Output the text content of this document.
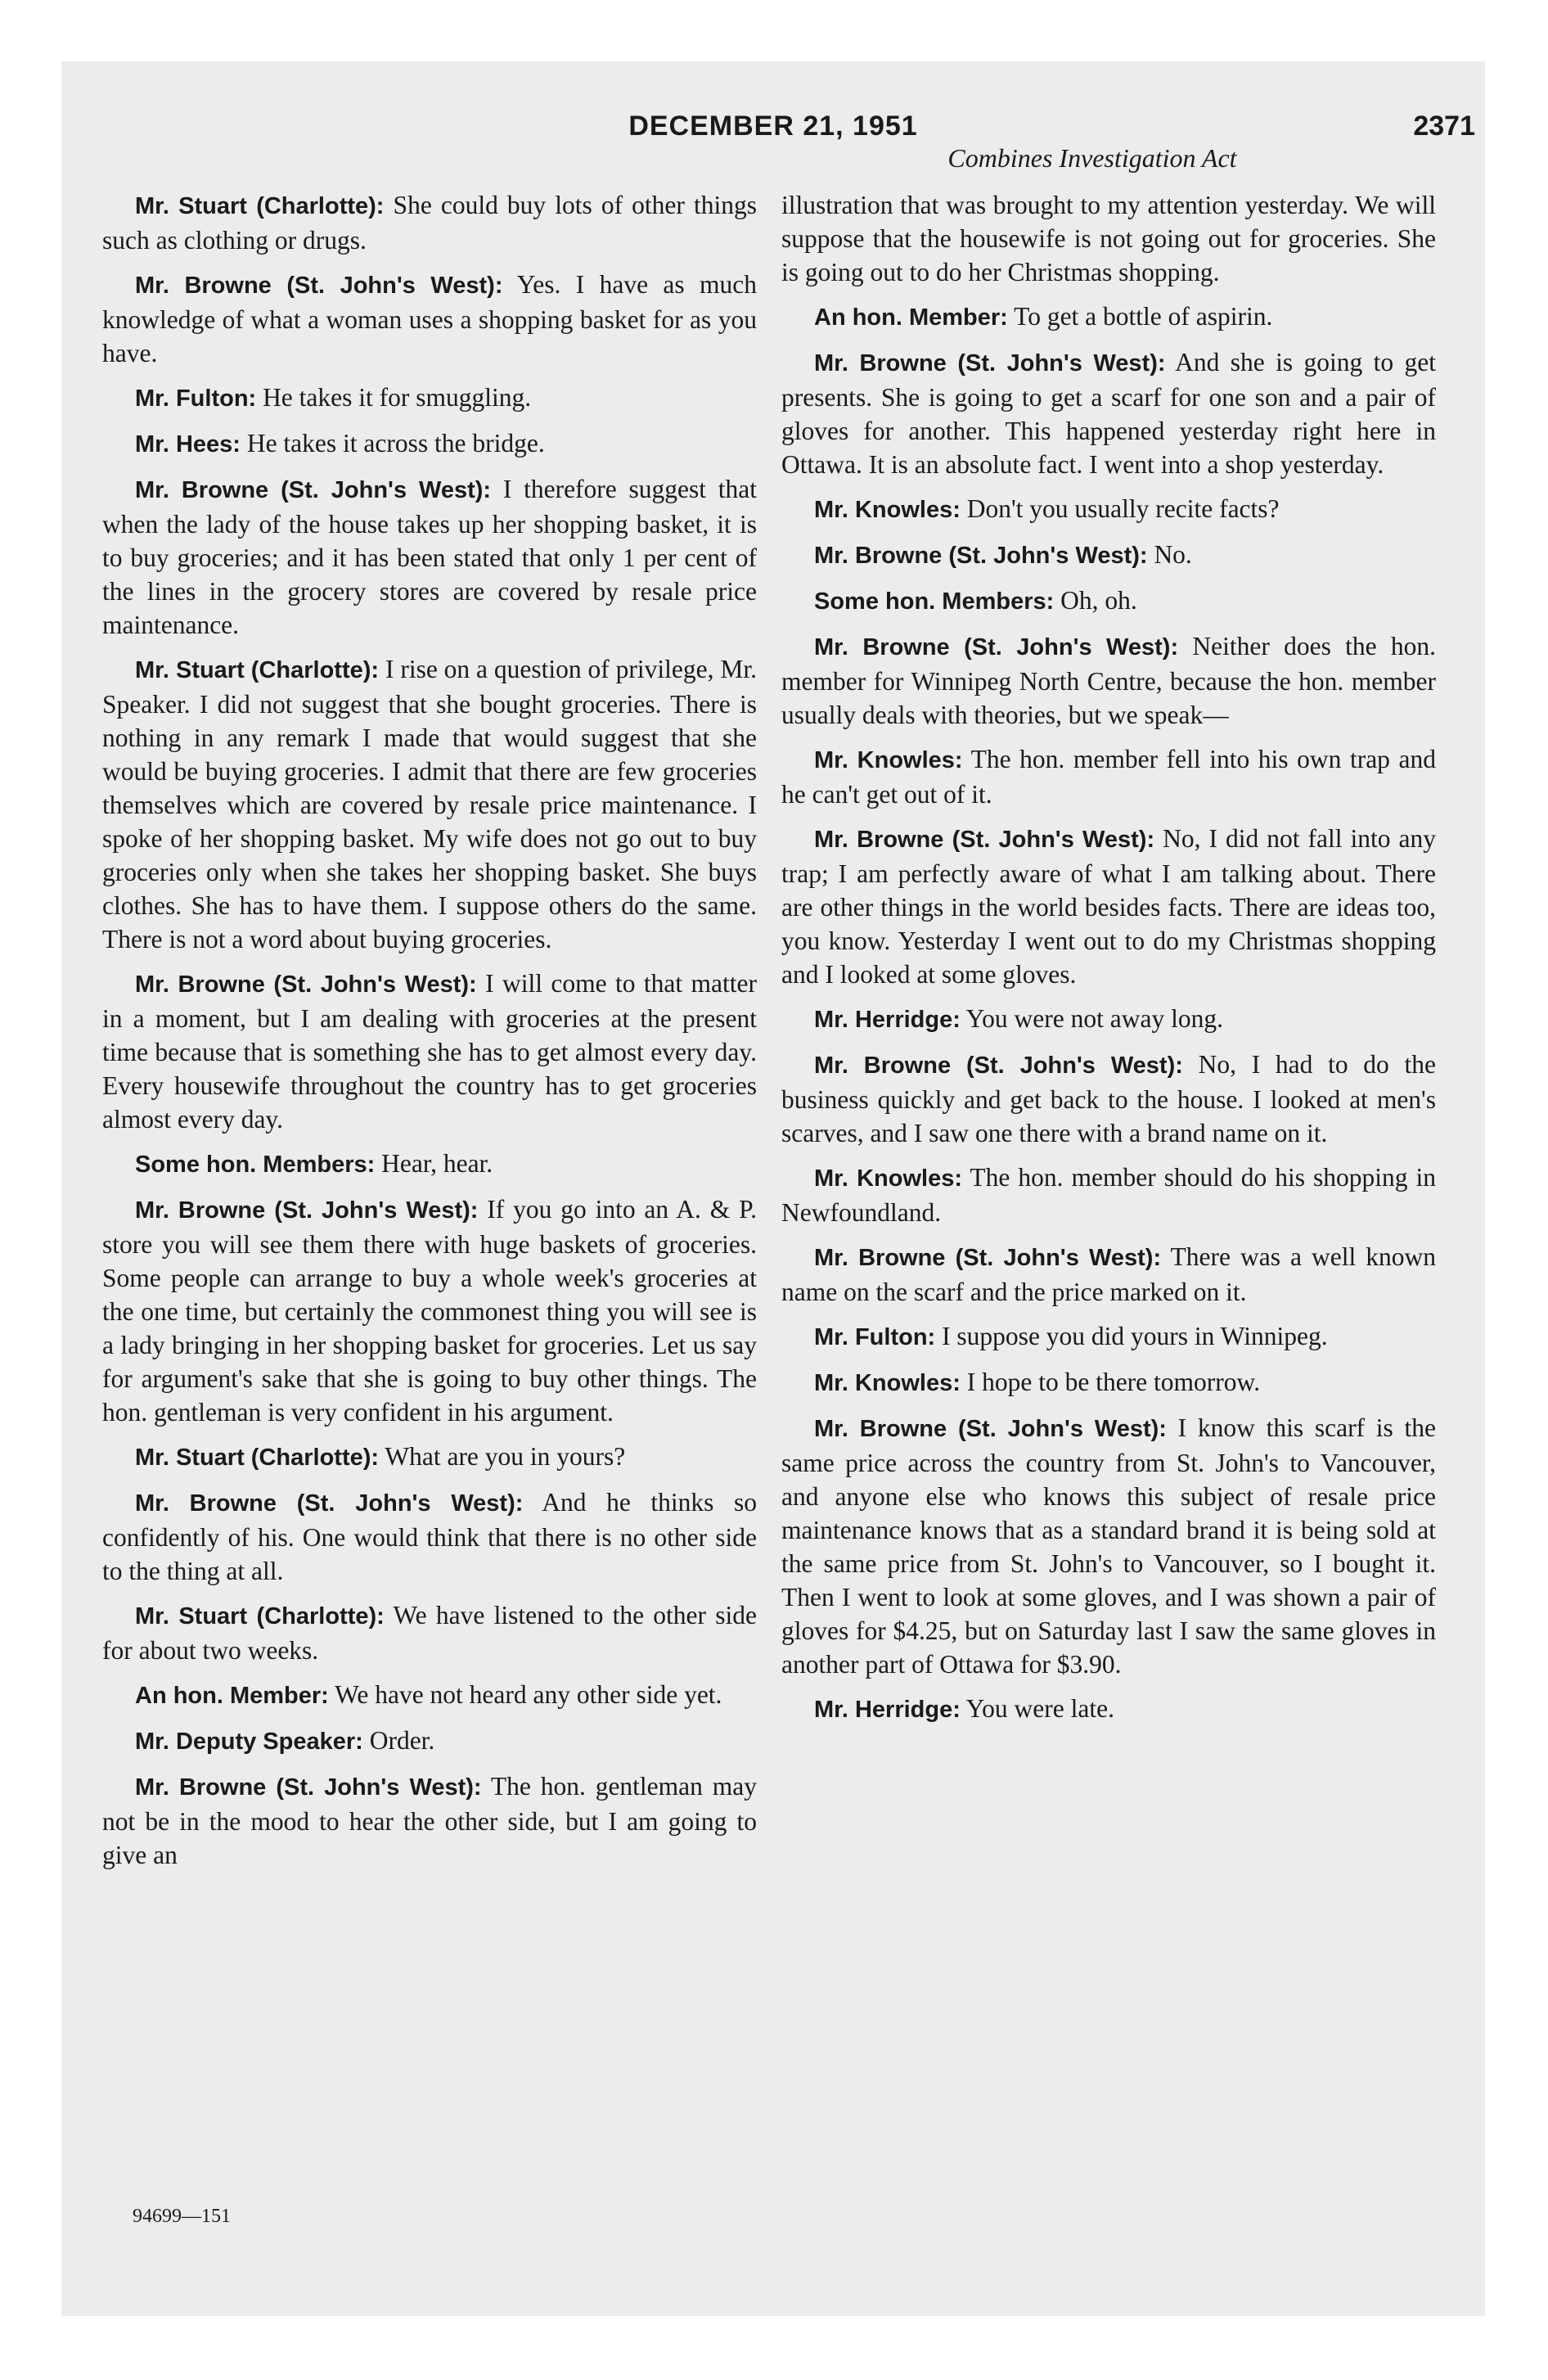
DECEMBER 21, 1951	2371
Combines Investigation Act

Mr. Stuart (Charlotte): She could buy lots of other things such as clothing or drugs.

Mr. Browne (St. John's West): Yes. I have as much knowledge of what a woman uses a shopping basket for as you have.

Mr. Fulton: He takes it for smuggling.

Mr. Hees: He takes it across the bridge.

Mr. Browne (St. John's West): I therefore suggest that when the lady of the house takes up her shopping basket, it is to buy groceries; and it has been stated that only 1 per cent of the lines in the grocery stores are covered by resale price maintenance.

Mr. Stuart (Charlotte): I rise on a question of privilege, Mr. Speaker. I did not suggest that she bought groceries. There is nothing in any remark I made that would suggest that she would be buying groceries. I admit that there are few groceries themselves which are covered by resale price maintenance. I spoke of her shopping basket. My wife does not go out to buy groceries only when she takes her shopping basket. She buys clothes. She has to have them. I suppose others do the same. There is not a word about buying groceries.

Mr. Browne (St. John's West): I will come to that matter in a moment, but I am dealing with groceries at the present time because that is something she has to get almost every day. Every housewife throughout the country has to get groceries almost every day.

Some hon. Members: Hear, hear.

Mr. Browne (St. John's West): If you go into an A. & P. store you will see them there with huge baskets of groceries. Some people can arrange to buy a whole week's groceries at the one time, but certainly the commonest thing you will see is a lady bringing in her shopping basket for groceries. Let us say for argument's sake that she is going to buy other things. The hon. gentleman is very confident in his argument.

Mr. Stuart (Charlotte): What are you in yours?

Mr. Browne (St. John's West): And he thinks so confidently of his. One would think that there is no other side to the thing at all.

Mr. Stuart (Charlotte): We have listened to the other side for about two weeks.

An hon. Member: We have not heard any other side yet.

Mr. Deputy Speaker: Order.

Mr. Browne (St. John's West): The hon. gentleman may not be in the mood to hear the other side, but I am going to give an

illustration that was brought to my attention yesterday. We will suppose that the housewife is not going out for groceries. She is going out to do her Christmas shopping.

An hon. Member: To get a bottle of aspirin.

Mr. Browne (St. John's West): And she is going to get presents. She is going to get a scarf for one son and a pair of gloves for another. This happened yesterday right here in Ottawa. It is an absolute fact. I went into a shop yesterday.

Mr. Knowles: Don't you usually recite facts?

Mr. Browne (St. John's West): No.

Some hon. Members: Oh, oh.

Mr. Browne (St. John's West): Neither does the hon. member for Winnipeg North Centre, because the hon. member usually deals with theories, but we speak—

Mr. Knowles: The hon. member fell into his own trap and he can't get out of it.

Mr. Browne (St. John's West): No, I did not fall into any trap; I am perfectly aware of what I am talking about. There are other things in the world besides facts. There are ideas too, you know. Yesterday I went out to do my Christmas shopping and I looked at some gloves.

Mr. Herridge: You were not away long.

Mr. Browne (St. John's West): No, I had to do the business quickly and get back to the house. I looked at men's scarves, and I saw one there with a brand name on it.

Mr. Knowles: The hon. member should do his shopping in Newfoundland.

Mr. Browne (St. John's West): There was a well known name on the scarf and the price marked on it.

Mr. Fulton: I suppose you did yours in Winnipeg.

Mr. Knowles: I hope to be there tomorrow.

Mr. Browne (St. John's West): I know this scarf is the same price across the country from St. John's to Vancouver, and anyone else who knows this subject of resale price maintenance knows that as a standard brand it is being sold at the same price from St. John's to Vancouver, so I bought it. Then I went to look at some gloves, and I was shown a pair of gloves for $4.25, but on Saturday last I saw the same gloves in another part of Ottawa for $3.90.

Mr. Herridge: You were late.

94699—151
